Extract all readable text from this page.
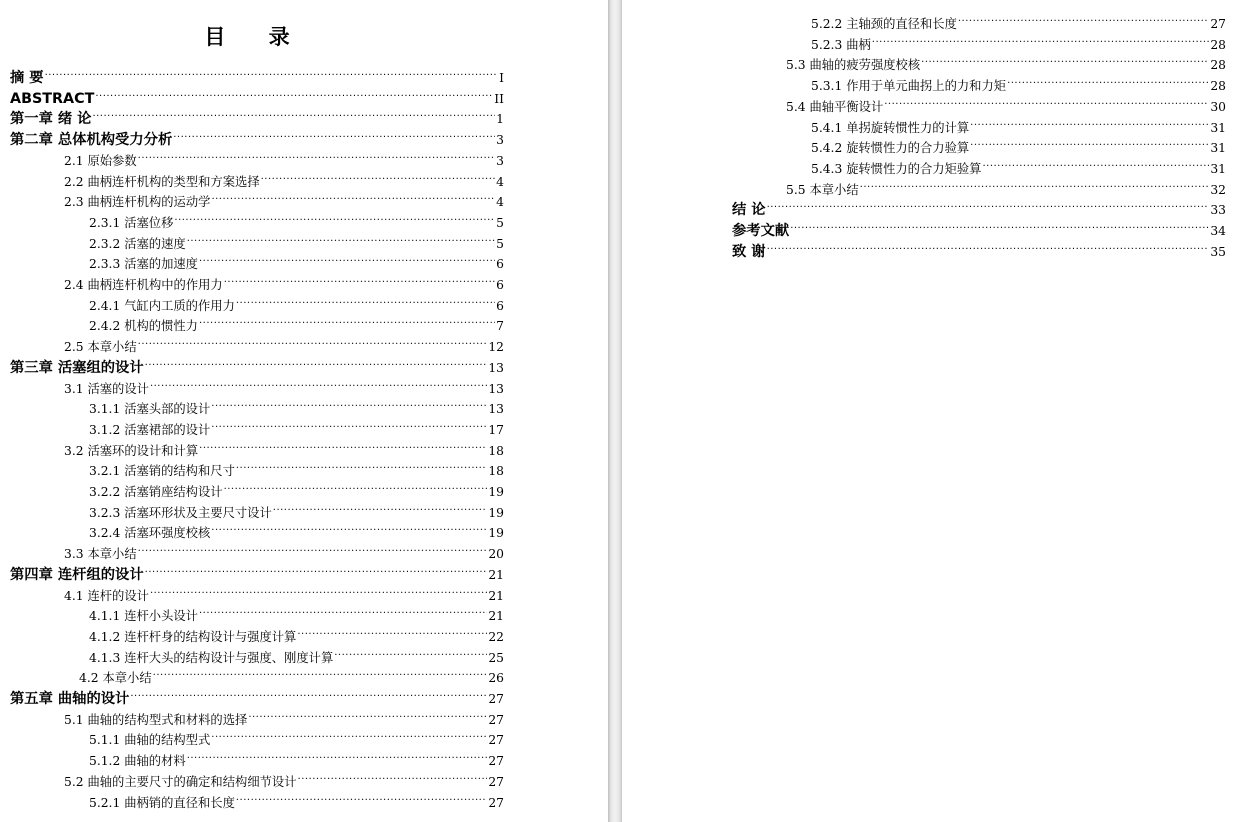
目 录
摘 要 .....	I
ABSTRACT .....	II
第一章 绪 论 .....	1
第二章 总体机构受力分析 .....	3
2.1 原始参数 .....	3
2.2 曲柄连杆机构的类型和方案选择 .....	4
2.3 曲柄连杆机构的运动学 .....	4
2.3.1 活塞位移 .....	5
2.3.2 活塞的速度 .....	5
2.3.3 活塞的加速度 .....	6
2.4 曲柄连杆机构中的作用力 .....	6
2.4.1 气缸内工质的作用力 .....	6
2.4.2 机构的惯性力 .....	7
2.5 本章小结 .....	12
第三章 活塞组的设计 .....	13
3.1 活塞的设计 .....	13
3.1.1 活塞头部的设计 .....	13
3.1.2 活塞裙部的设计 .....	17
3.2 活塞环的设计和计算 .....	18
3.2.1 活塞销的结构和尺寸 .....	18
3.2.2 活塞销座结构设计 .....	19
3.2.3 活塞环形状及主要尺寸设计 .....	19
3.2.4 活塞环强度校核 .....	19
3.3 本章小结 .....	20
第四章 连杆组的设计 .....	21
4.1 连杆的设计 .....	21
4.1.1 连杆小头设计 .....	21
4.1.2 连杆杆身的结构设计与强度计算 .....	22
4.1.3 连杆大头的结构设计与强度、刚度计算 .....	25
4.2 本章小结 .....	26
第五章 曲轴的设计 .....	27
5.1 曲轴的结构型式和材料的选择 .....	27
5.1.1 曲轴的结构型式 .....	27
5.1.2 曲轴的材料 .....	27
5.2 曲轴的主要尺寸的确定和结构细节设计 .....	27
5.2.1 曲柄销的直径和长度 .....	27
5.2.2 主轴颈的直径和长度 .....	27
5.2.3 曲柄 .....	28
5.3 曲轴的疲劳强度校核 .....	28
5.3.1 作用于单元曲拐上的力和力矩 .....	28
5.4 曲轴平衡设计 .....	30
5.4.1 单拐旋转惯性力的计算 .....	31
5.4.2 旋转惯性力的合力验算 .....	31
5.4.3 旋转惯性力的合力矩验算 .....	31
5.5 本章小结 .....	32
结 论 .....	33
参考文献 .....	34
致 谢 .....	35
